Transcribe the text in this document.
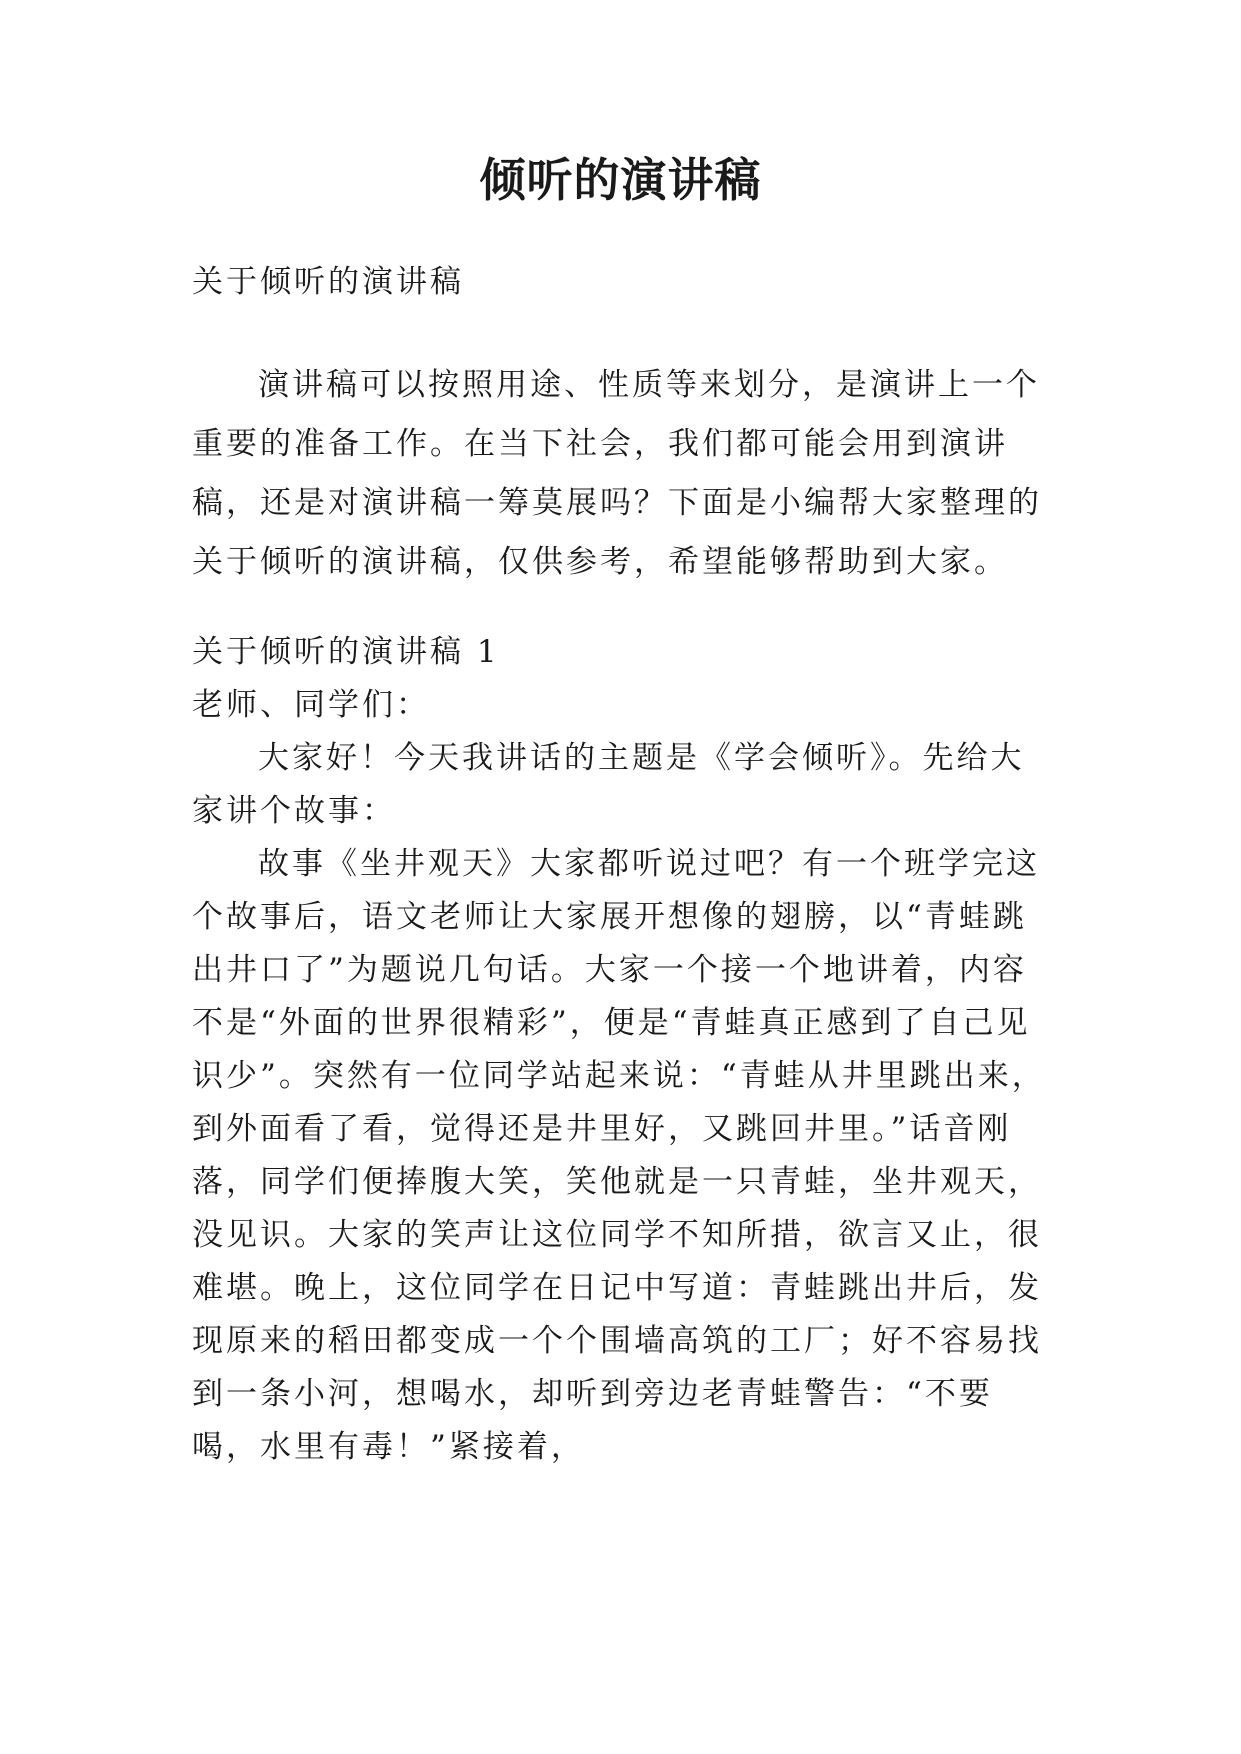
倾听的演讲稿
关于倾听的演讲稿

演讲稿可以按照用途、性质等来划分，是演讲上一个重要的准备工作。在当下社会，我们都可能会用到演讲稿，还是对演讲稿一筹莫展吗？下面是小编帮大家整理的关于倾听的演讲稿，仅供参考，希望能够帮助到大家。

关于倾听的演讲稿 1

老师、同学们：

大家好！今天我讲话的主题是《学会倾听》。先给大家讲个故事：

故事《坐井观天》大家都听说过吧？有一个班学完这个故事后，语文老师让大家展开想像的翅膀，以“青蛙跳出井口了”为题说几句话。大家一个接一个地讲着，内容不是“外面的世界很精彩”，便是“青蛙真正感到了自己见识少”。突然有一位同学站起来说：“青蛙从井里跳出来，到外面看了看，觉得还是井里好，又跳回井里。”话音刚落，同学们便捧腹大笑，笑他就是一只青蛙，坐井观天，没见识。大家的笑声让这位同学不知所措，欲言又止，很难堪。晚上，这位同学在日记中写道：青蛙跳出井后，发现原来的稻田都变成一个个围墙高筑的工厂；好不容易找到一条小河，想喝水，却听到旁边老青蛙警告：“不要喝，水里有毒！”紧接着，
